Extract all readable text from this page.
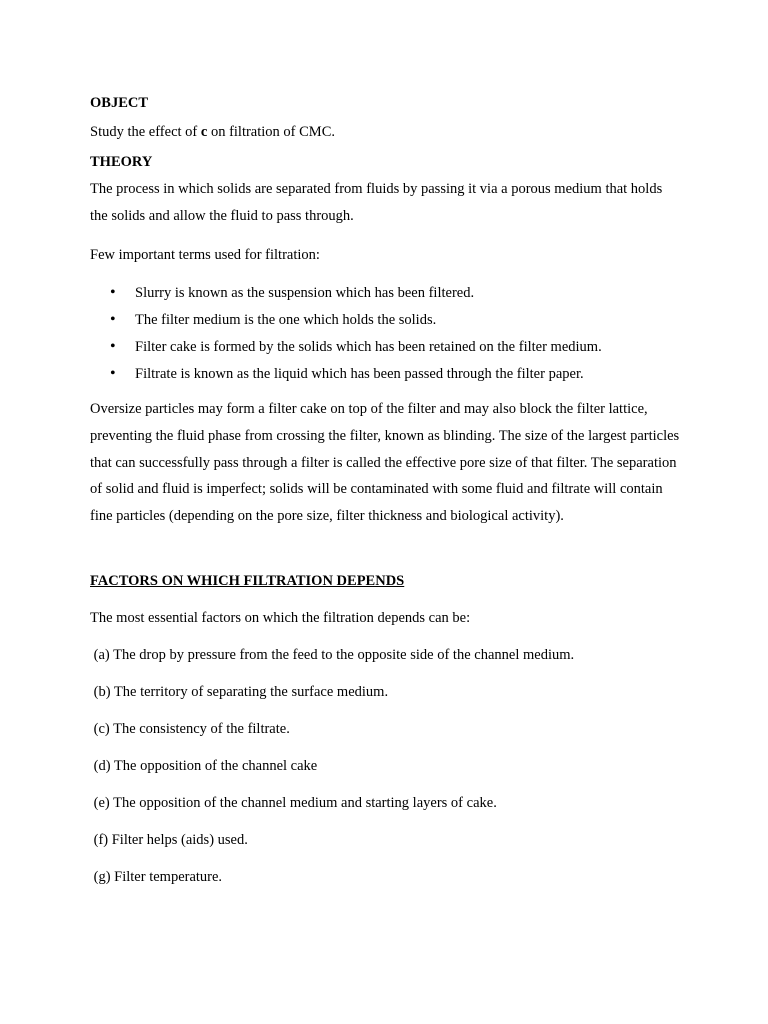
OBJECT
Study the effect of c on filtration of CMC.
THEORY
The process in which solids are separated from fluids by passing it via a porous medium that holds the solids and allow the fluid to pass through.
Few important terms used for filtration:
• Slurry is known as the suspension which has been filtered.
• The filter medium is the one which holds the solids.
• Filter cake is formed by the solids which has been retained on the filter medium.
• Filtrate is known as the liquid which has been passed through the filter paper.
Oversize particles may form a filter cake on top of the filter and may also block the filter lattice, preventing the fluid phase from crossing the filter, known as blinding. The size of the largest particles that can successfully pass through a filter is called the effective pore size of that filter. The separation of solid and fluid is imperfect; solids will be contaminated with some fluid and filtrate will contain fine particles (depending on the pore size, filter thickness and biological activity).
FACTORS ON WHICH FILTRATION DEPENDS
The most essential factors on which the filtration depends can be:
(a) The drop by pressure from the feed to the opposite side of the channel medium.
(b) The territory of separating the surface medium.
(c) The consistency of the filtrate.
(d) The opposition of the channel cake
(e) The opposition of the channel medium and starting layers of cake.
(f) Filter helps (aids) used.
(g) Filter temperature.
